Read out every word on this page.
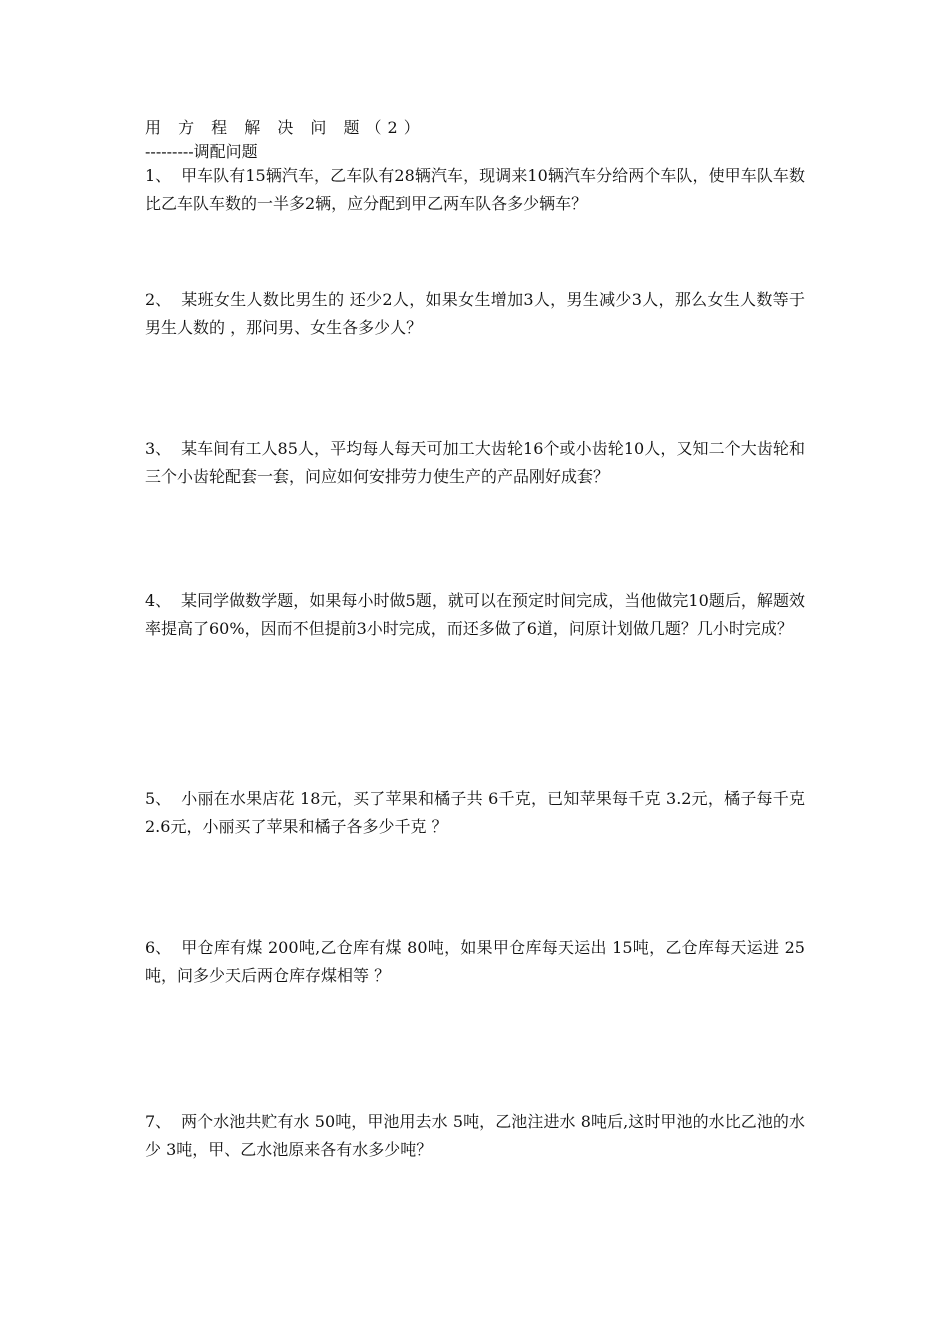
用 方 程 解 决 问 题（2）
---------调配问题
1、 甲车队有15辆汽车，乙车队有28辆汽车，现调来10辆汽车分给两个车队，使甲车队车数比乙车队车数的一半多2辆，应分配到甲乙两车队各多少辆车？
2、 某班女生人数比男生的 还少2人，如果女生增加3人，男生减少3人，那么女生人数等于男生人数的 ，那问男、女生各多少人？
3、 某车间有工人85人，平均每人每天可加工大齿轮16个或小齿轮10人，又知二个大齿轮和三个小齿轮配套一套，问应如何安排劳力使生产的产品刚好成套？
4、 某同学做数学题，如果每小时做5题，就可以在预定时间完成，当他做完10题后，解题效率提高了60%，因而不但提前3小时完成，而还多做了6道，问原计划做几题？几小时完成？
5、 小丽在水果店花 18元，买了苹果和橘子共 6千克，已知苹果每千克 3.2元，橘子每千克 2.6元，小丽买了苹果和橘子各多少千克 ？
6、 甲仓库有煤 200吨,乙仓库有煤 80吨，如果甲仓库每天运出 15吨，乙仓库每天运进 25吨，问多少天后两仓库存煤相等 ？
7、 两个水池共贮有水 50吨，甲池用去水 5吨，乙池注进水 8吨后,这时甲池的水比乙池的水少 3吨，甲、乙水池原来各有水多少吨？
